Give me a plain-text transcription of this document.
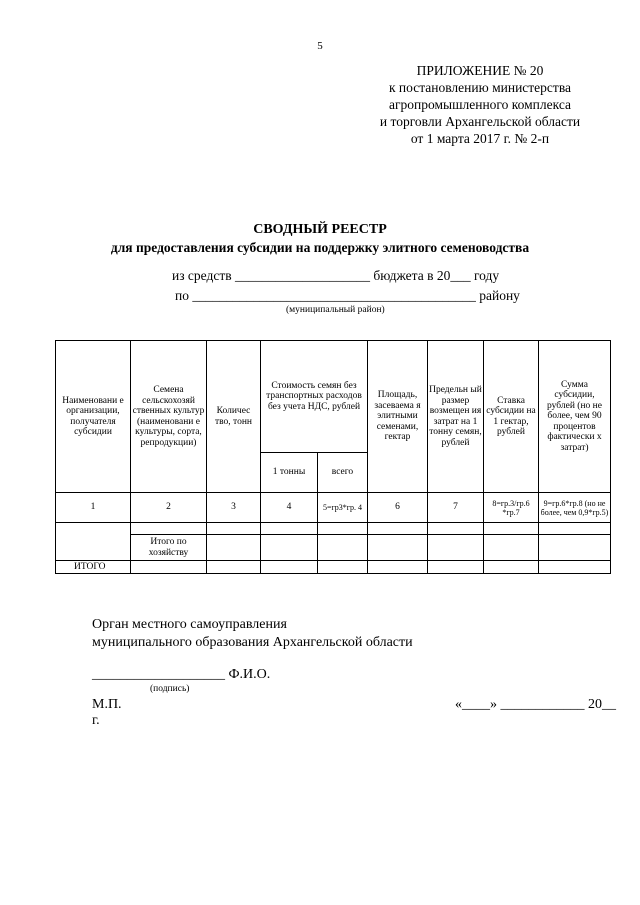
5
ПРИЛОЖЕНИЕ № 20
к постановлению министерства
агропромышленного комплекса
и торговли Архангельской области
от 1 марта 2017 г. № 2-п
СВОДНЫЙ РЕЕСТР
для предоставления субсидии на поддержку элитного семеноводства
из средств ____________________ бюджета в 20___ году
по __________________________________________ району
(муниципальный район)
Наименовани е организации, получателя субсидии	Семена сельскохозяй ственных культур (наименовани е культуры, сорта, репродукции)	Количес тво, тонн	Стоимость семян без транспортных расходов без учета НДС, рублей		Площадь, засеваема я элитными семенами, гектар	Предельн ый размер возмещен ия затрат на 1 тонну семян, рублей	Ставка субсидии на 1 гектар, рублей	Сумма субсидии, рублей (но не более, чем 90 процентов фактически х затрат)
			1 тонны	всего				
1	2	3	4	5=гр3*гр. 4	6	7	8=гр.3/гр.6 *гр.7	9=гр.6*гр.8 (но не более, чем 0,9*гр.5)

	Итого по хозяйству							
ИТОГО								
Орган местного самоуправления
муниципального образования Архангельской области
___________________ Ф.И.О.
(подпись)
М.П.
г.
«____» ____________ 20__
